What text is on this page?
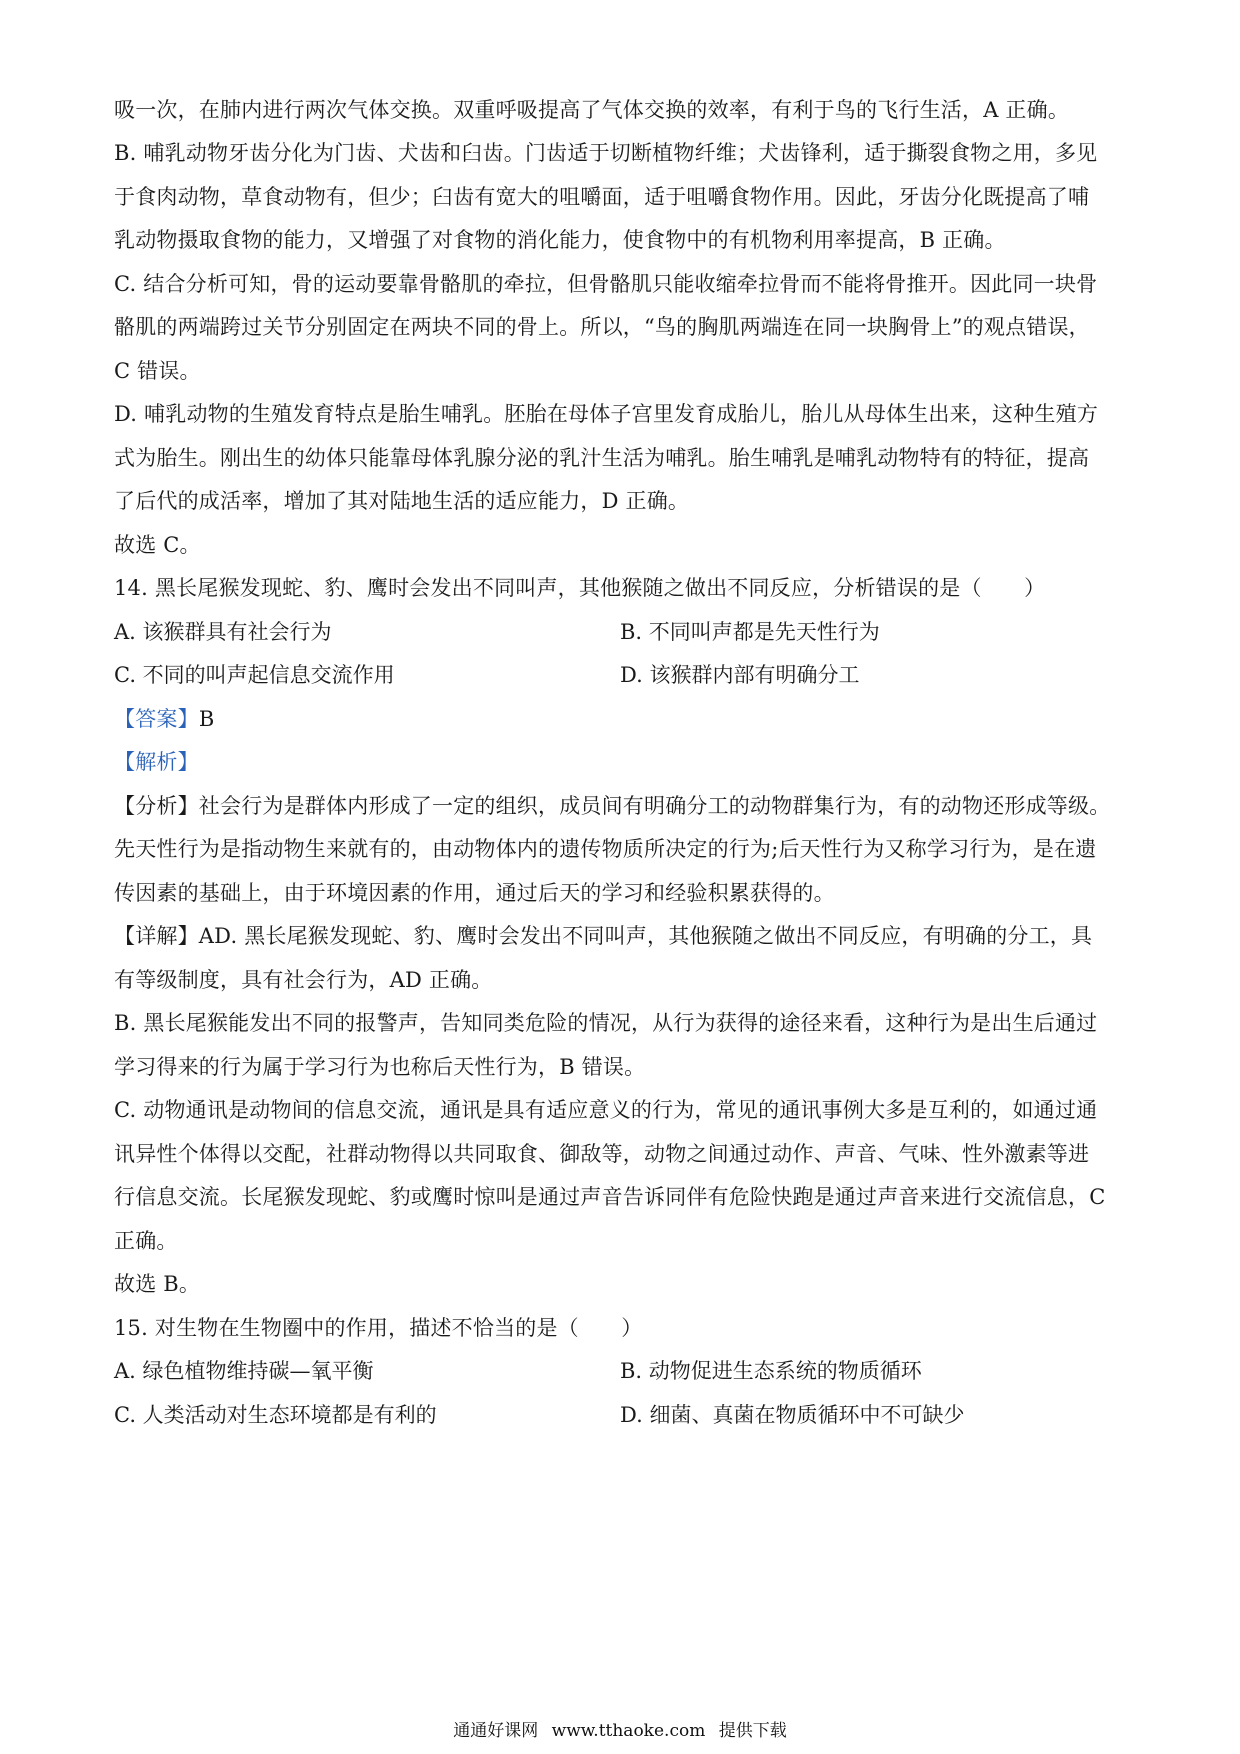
吸一次，在肺内进行两次气体交换。双重呼吸提高了气体交换的效率，有利于鸟的飞行生活，A 正确。
B. 哺乳动物牙齿分化为门齿、犬齿和臼齿。门齿适于切断植物纤维；犬齿锋利，适于撕裂食物之用，多见
于食肉动物，草食动物有，但少；臼齿有宽大的咀嚼面，适于咀嚼食物作用。因此，牙齿分化既提高了哺
乳动物摄取食物的能力，又增强了对食物的消化能力，使食物中的有机物利用率提高，B 正确。
C. 结合分析可知，骨的运动要靠骨骼肌的牵拉，但骨骼肌只能收缩牵拉骨而不能将骨推开。因此同一块骨
骼肌的两端跨过关节分别固定在两块不同的骨上。所以，“鸟的胸肌两端连在同一块胸骨上”的观点错误，
C 错误。
D. 哺乳动物的生殖发育特点是胎生哺乳。胚胎在母体子宫里发育成胎儿，胎儿从母体生出来，这种生殖方
式为胎生。刚出生的幼体只能靠母体乳腺分泌的乳汁生活为哺乳。胎生哺乳是哺乳动物特有的特征，提高
了后代的成活率，增加了其对陆地生活的适应能力，D 正确。
故选 C。
14. 黑长尾猴发现蛇、豹、鹰时会发出不同叫声，其他猴随之做出不同反应，分析错误的是（　　）
A. 该猴群具有社会行为	B. 不同叫声都是先天性行为
C. 不同的叫声起信息交流作用	D. 该猴群内部有明确分工
【答案】B
【解析】
【分析】社会行为是群体内形成了一定的组织，成员间有明确分工的动物群集行为，有的动物还形成等级。
先天性行为是指动物生来就有的，由动物体内的遗传物质所决定的行为;后天性行为又称学习行为，是在遗
传因素的基础上，由于环境因素的作用，通过后天的学习和经验积累获得的。
【详解】AD. 黑长尾猴发现蛇、豹、鹰时会发出不同叫声，其他猴随之做出不同反应，有明确的分工，具
有等级制度，具有社会行为，AD 正确。
B. 黑长尾猴能发出不同的报警声，告知同类危险的情况，从行为获得的途径来看，这种行为是出生后通过
学习得来的行为属于学习行为也称后天性行为，B 错误。
C. 动物通讯是动物间的信息交流，通讯是具有适应意义的行为，常见的通讯事例大多是互利的，如通过通
讯异性个体得以交配，社群动物得以共同取食、御敌等，动物之间通过动作、声音、气味、性外激素等进
行信息交流。长尾猴发现蛇、豹或鹰时惊叫是通过声音告诉同伴有危险快跑是通过声音来进行交流信息，C
正确。
故选 B。
15. 对生物在生物圈中的作用，描述不恰当的是（　　）
A. 绿色植物维持碳—氧平衡	B. 动物促进生态系统的物质循环
C. 人类活动对生态环境都是有利的	D. 细菌、真菌在物质循环中不可缺少
通通好课网 www.tthaoke.com 提供下载
